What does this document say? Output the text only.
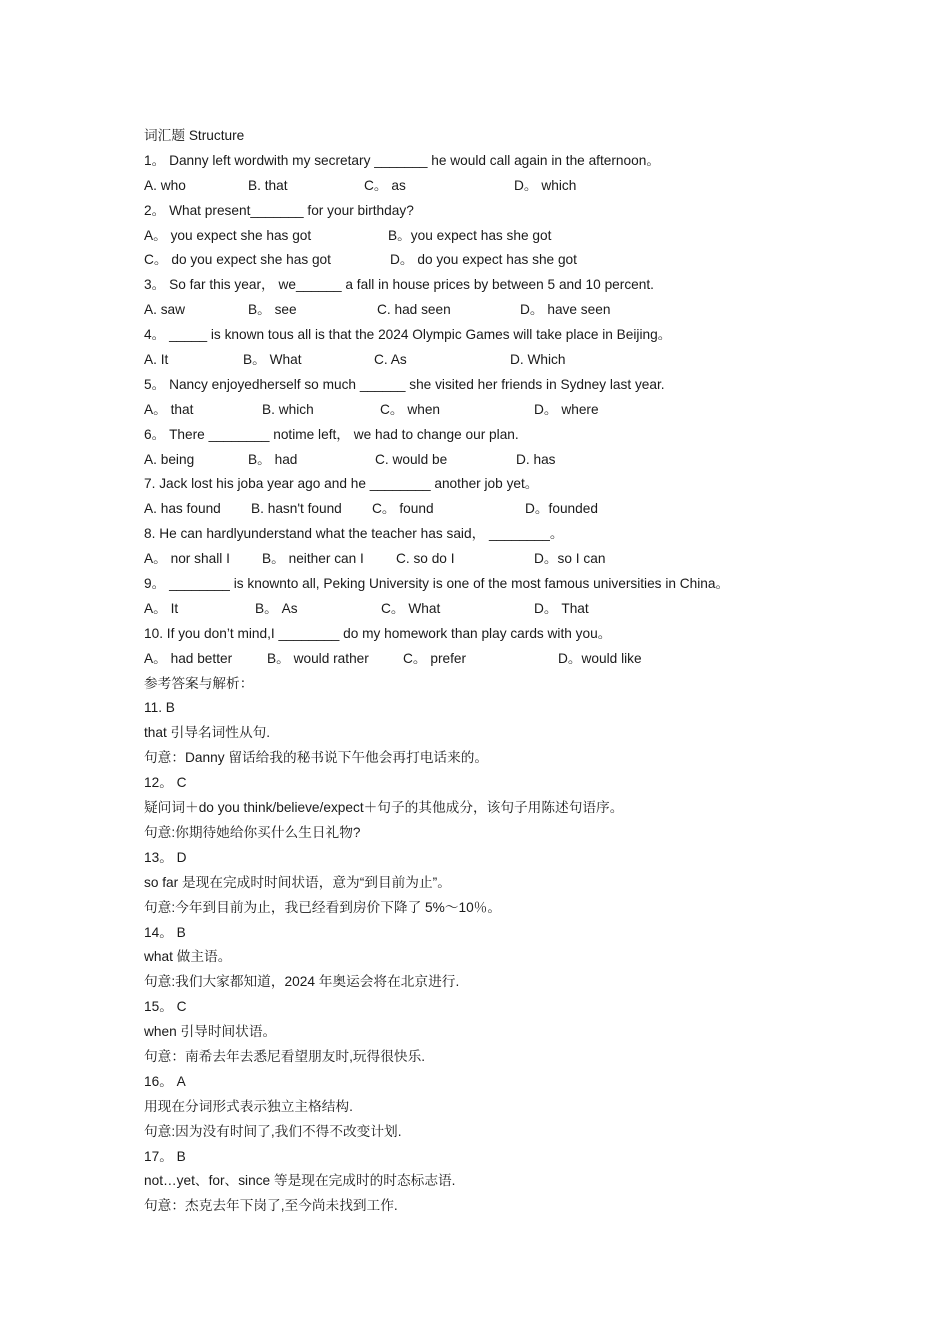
词汇题 Structure
1。 Danny left wordwith my secretary _______ he would call again in the afternoon。

A. who

	B. that

	C。 as

	D。 which

2。 What present_______ for your birthday?

A。 you expect she has got

	B。you expect has she got

C。 do you expect she has got

	D。 do you expect has she got

3。 So far this year， we______ a fall in house prices by between 5 and 10 percent.

A. saw

	B。 see

	C. had seen

	D。 have seen

4。 _____ is known tous all is that the 2024 Olympic Games will take place in Beijing。

A. It

	B。 What

	C. As

	D. Which

5。 Nancy enjoyedherself so much ______ she visited her friends in Sydney last year.

A。 that

	B. which

	C。 when

	D。 where

6。 There ________ notime left， we had to change our plan.

A. being

	B。 had

	C. would be

	D. has

7. Jack lost his joba year ago and he ________ another job yet。

A. has found

B. hasn't found

C。 found

	D。founded

8. He can hardlyunderstand what the teacher has said， ________。

A。 nor shall I

B。 neither can I

C. so do I

	D。so I can

9。 ________ is knownto all, Peking University is one of the most famous universities in China。

A。 It

	B。 As

	C。 What

	D。 That

10. If you don’t mind,I ________ do my homework than play cards with you。

A。 had better

	B。 would rather

C。 prefer

	D。would like

参考答案与解析：
11. B
that 引导名词性从句.
句意：Danny 留话给我的秘书说下午他会再打电话来的。
12。 C
疑问词＋do you think/believe/expect＋句子的其他成分，该句子用陈述句语序。
句意:你期待她给你买什么生日礼物?
13。 D
so far 是现在完成时时间状语，意为“到目前为止”。
句意:今年到目前为止，我已经看到房价下降了 5%～10％。
14。 B
what 做主语。
句意:我们大家都知道，2024 年奥运会将在北京进行.
15。 C
when 引导时间状语。
句意：南希去年去悉尼看望朋友时,玩得很快乐.
16。 A
用现在分词形式表示独立主格结构.
句意:因为没有时间了,我们不得不改变计划.
17。 B
not…yet、for、since 等是现在完成时的时态标志语.
句意：杰克去年下岗了,至今尚未找到工作.
